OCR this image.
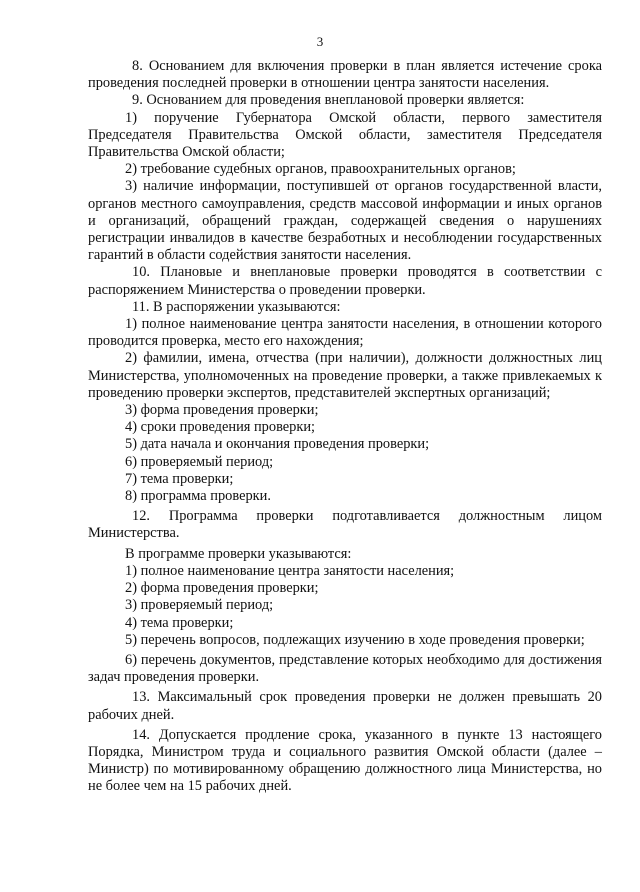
3

8. Основанием для включения проверки в план является истечение срока проведения последней проверки в отношении центра занятости населения.

9. Основанием для проведения внеплановой проверки является:

1) поручение Губернатора Омской области, первого заместителя Председателя Правительства Омской области, заместителя Председателя Правительства Омской области;

2) требование судебных органов, правоохранительных органов;

3) наличие информации, поступившей от органов государственной власти, органов местного самоуправления, средств массовой информации и иных органов и организаций, обращений граждан, содержащей сведения о нарушениях регистрации инвалидов в качестве безработных и несоблюдении государственных гарантий в области содействия занятости населения.

10. Плановые и внеплановые проверки проводятся в соответствии с распоряжением Министерства о проведении проверки.

11. В распоряжении указываются:

1) полное наименование центра занятости населения, в отношении которого проводится проверка, место его нахождения;

2) фамилии, имена, отчества (при наличии), должности должностных лиц Министерства, уполномоченных на проведение проверки, а также привлекаемых к проведению проверки экспертов, представителей экспертных организаций;

3) форма проведения проверки;

4) сроки проведения проверки;

5) дата начала и окончания проведения проверки;

6) проверяемый период;

7) тема проверки;

8) программа проверки.

12. Программа проверки подготавливается должностным лицом Министерства.

В программе проверки указываются:

1) полное наименование центра занятости населения;

2) форма проведения проверки;

3) проверяемый период;

4) тема проверки;

5) перечень вопросов, подлежащих изучению в ходе проведения проверки;

6) перечень документов, представление которых необходимо для достижения задач проведения проверки.

13. Максимальный срок проведения проверки не должен превышать 20 рабочих дней.

14. Допускается продление срока, указанного в пункте 13 настоящего Порядка, Министром труда и социального развития Омской области (далее – Министр) по мотивированному обращению должностного лица Министерства, но не более чем на 15 рабочих дней.
